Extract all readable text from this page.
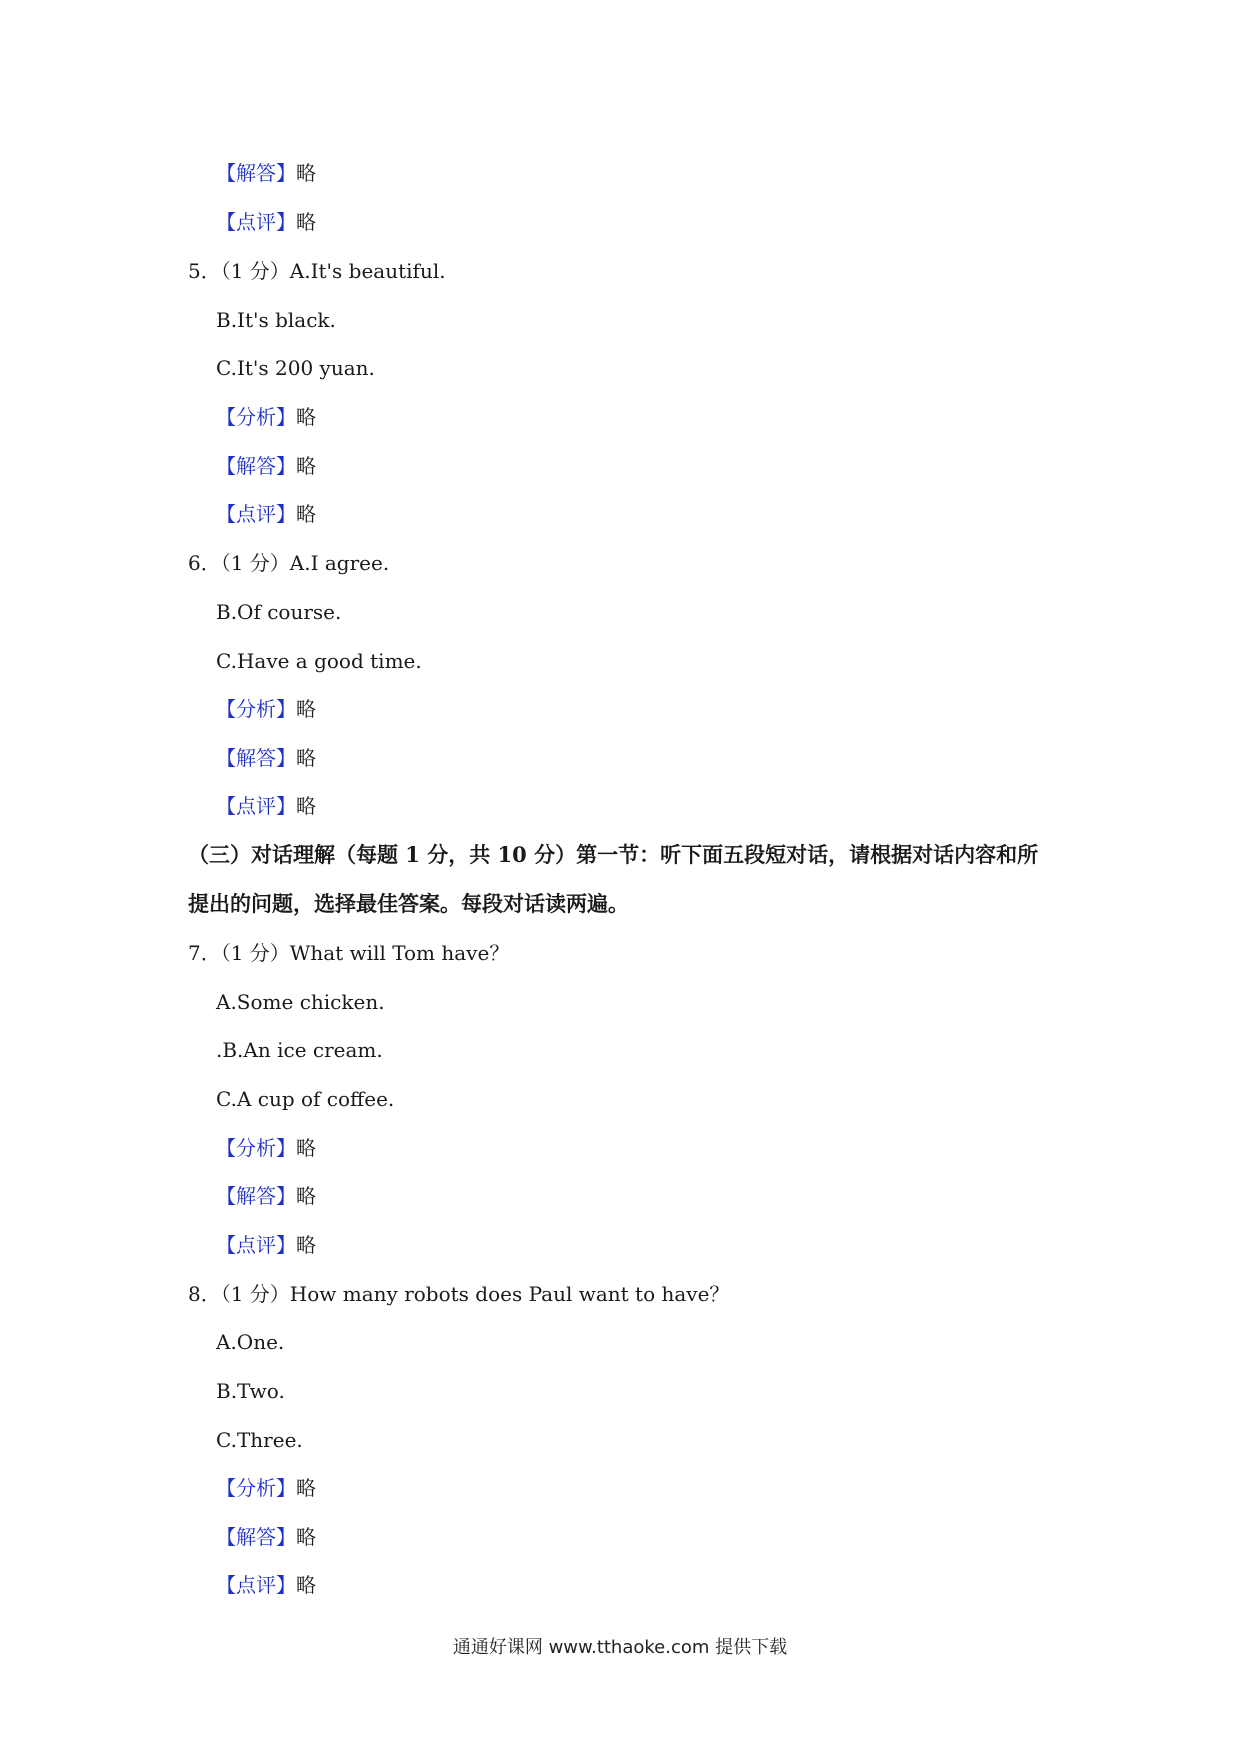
【解答】略
【点评】略
5．（1 分）A.It's beautiful.
B.It's black.
C.It's 200 yuan.
【分析】略
【解答】略
【点评】略
6．（1 分）A.I agree.
B.Of course.
C.Have a good time.
【分析】略
【解答】略
【点评】略
（三）对话理解（每题 1 分，共 10 分）第一节：听下面五段短对话，请根据对话内容和所
提出的问题，选择最佳答案。每段对话读两遍。
7．（1 分）What will Tom have？
A.Some chicken.
.B.An ice cream.
C.A cup of coffee.
【分析】略
【解答】略
【点评】略
8．（1 分）How many robots does Paul want to have？
A.One.
B.Two.
C.Three.
【分析】略
【解答】略
【点评】略
通通好课网 www.tthaoke.com 提供下载
